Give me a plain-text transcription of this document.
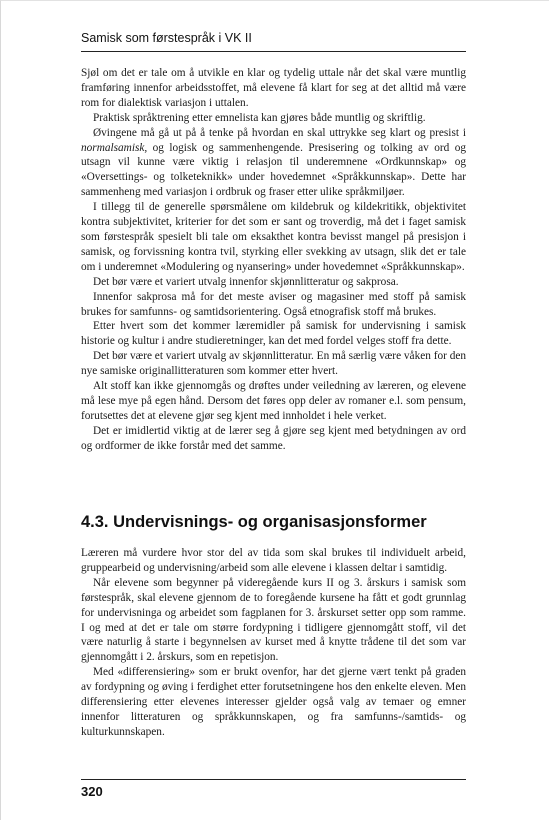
Samisk som førstespråk i VK II

Sjøl om det er tale om å utvikle en klar og tydelig uttale når det skal være muntlig framføring innenfor arbeidsstoffet, må elevene få klart for seg at det alltid må være rom for dialektisk variasjon i uttalen.

Praktisk språktrening etter emnelista kan gjøres både muntlig og skriftlig.

Øvingene må gå ut på å tenke på hvordan en skal uttrykke seg klart og presist i normalsamisk, og logisk og sammenhengende. Presisering og tolking av ord og utsagn vil kunne være viktig i relasjon til underemnene «Ordkunnskap» og «Oversettings- og tolketeknikk» under hovedemnet «Språkkunnskap». Dette har sammenheng med variasjon i ordbruk og fraser etter ulike språkmiljøer.

I tillegg til de generelle spørsmålene om kildebruk og kildekritikk, objektivitet kontra subjektivitet, kriterier for det som er sant og troverdig, må det i faget samisk som førstespråk spesielt bli tale om eksakthet kontra bevisst mangel på presisjon i samisk, og forvissning kontra tvil, styrking eller svekking av utsagn, slik det er tale om i underemnet «Modulering og nyansering» under hovedemnet «Språkkunnskap».

Det bør være et variert utvalg innenfor skjønnlitteratur og sakprosa.

Innenfor sakprosa må for det meste aviser og magasiner med stoff på samisk brukes for samfunns- og samtidsorientering. Også etnografisk stoff må brukes.

Etter hvert som det kommer læremidler på samisk for undervisning i samisk historie og kultur i andre studieretninger, kan det med fordel velges stoff fra dette.

Det bør være et variert utvalg av skjønnlitteratur. En må særlig være våken for den nye samiske originallitteraturen som kommer etter hvert.

Alt stoff kan ikke gjennomgås og drøftes under veiledning av læreren, og elevene må lese mye på egen hånd. Dersom det føres opp deler av romaner e.l. som pensum, forutsettes det at elevene gjør seg kjent med innholdet i hele verket.

Det er imidlertid viktig at de lærer seg å gjøre seg kjent med betydningen av ord og ordformer de ikke forstår med det samme.

4.3. Undervisnings- og organisasjonsformer

Læreren må vurdere hvor stor del av tida som skal brukes til individuelt arbeid, gruppearbeid og undervisning/arbeid som alle elevene i klassen deltar i samtidig.

Når elevene som begynner på videregående kurs II og 3. årskurs i samisk som førstespråk, skal elevene gjennom de to foregående kursene ha fått et godt grunnlag for undervisninga og arbeidet som fagplanen for 3. årskurset setter opp som ramme. I og med at det er tale om større fordypning i tidligere gjennomgått stoff, vil det være naturlig å starte i begynnelsen av kurset med å knytte trådene til det som var gjennomgått i 2. årskurs, som en repetisjon.

Med «differensiering» som er brukt ovenfor, har det gjerne vært tenkt på graden av fordypning og øving i ferdighet etter forutsetningene hos den enkelte eleven. Men differensiering etter elevenes interesser gjelder også valg av temaer og emner innenfor litteraturen og språkkunnskapen, og fra samfunns-/samtids- og kulturkunnskapen.

320
